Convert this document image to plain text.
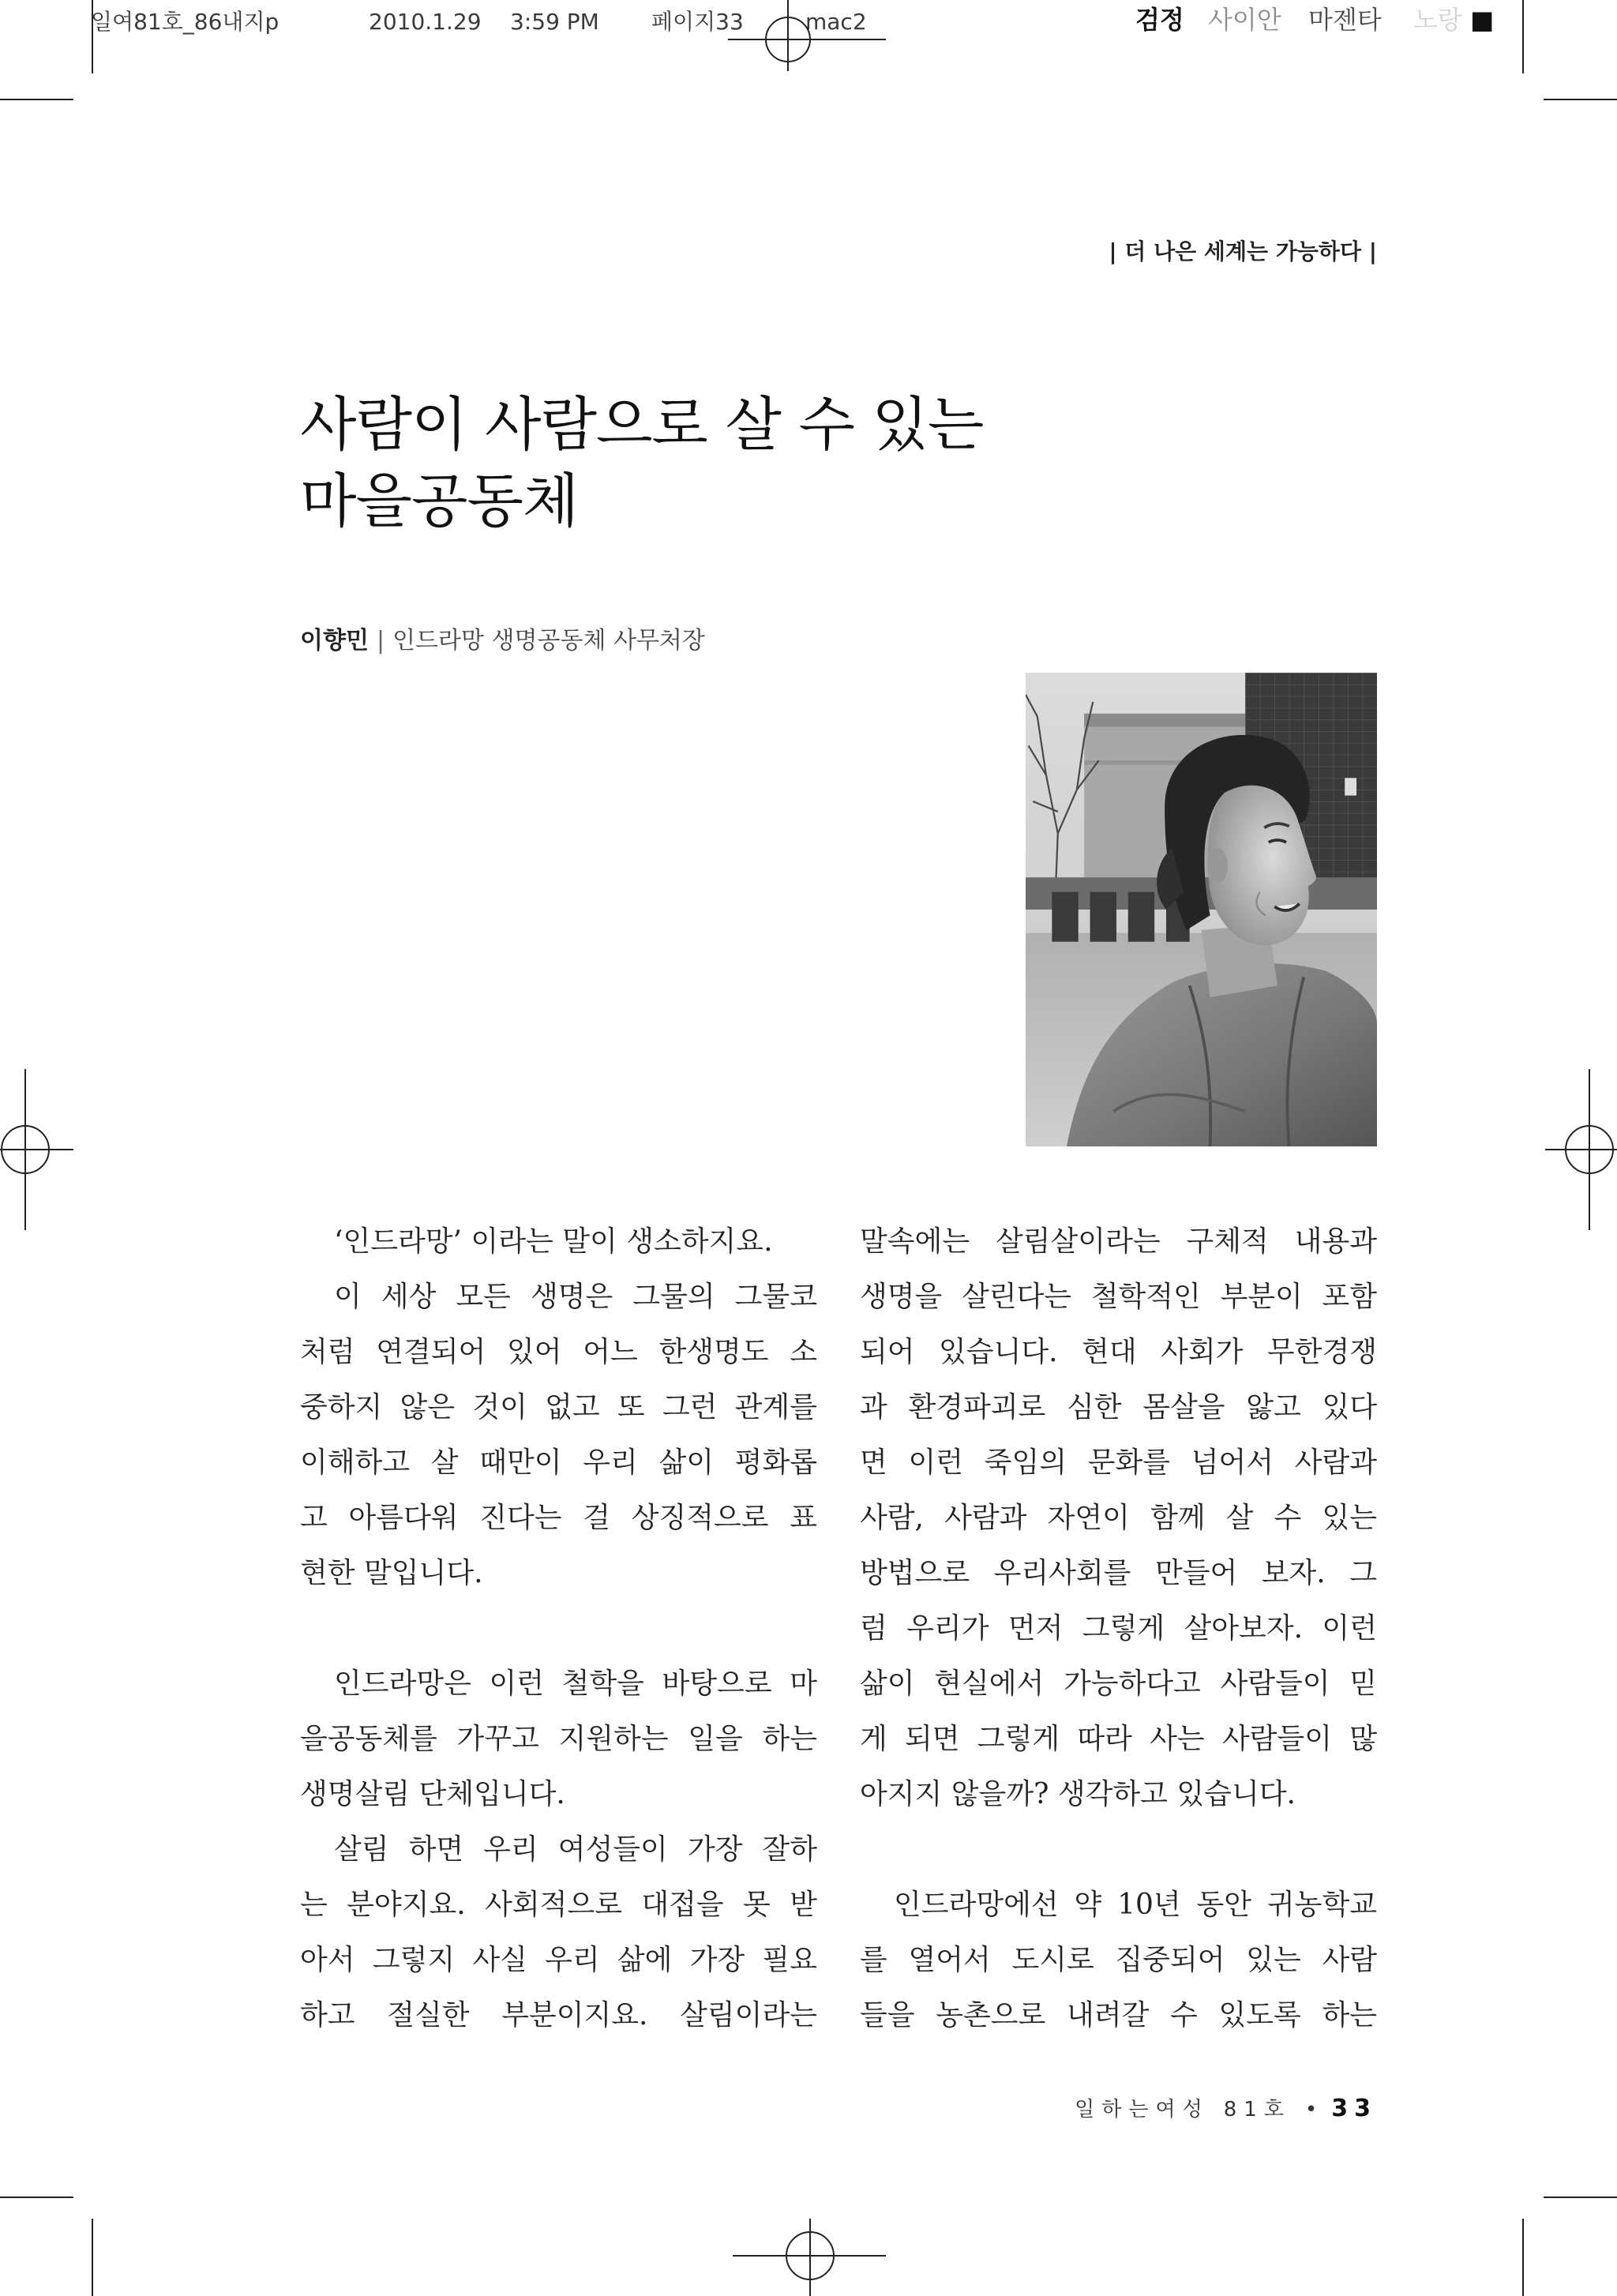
일여81호_86내지p	2010.1.29 3:59 PM 페이지33	mac2	검정 사이안 마젠타 노랑 ■
| 더 나은 세계는 가능하다 |
사람이 사람으로 살 수 있는
마을공동체
이향민 | 인드라망 생명공동체 사무처장
‘인드라망’ 이라는 말이 생소하지요.
이 세상 모든 생명은 그물의 그물코
처럼 연결되어 있어 어느 한생명도 소
중하지 않은 것이 없고 또 그런 관계를
이해하고 살 때만이 우리 삶이 평화롭
고 아름다워 진다는 걸 상징적으로 표
현한 말입니다.
인드라망은 이런 철학을 바탕으로 마
을공동체를 가꾸고 지원하는 일을 하는
생명살림 단체입니다.
살림 하면 우리 여성들이 가장 잘하
는 분야지요. 사회적으로 대접을 못 받
아서 그렇지 사실 우리 삶에 가장 필요
하고 절실한 부분이지요. 살림이라는
말속에는 살림살이라는 구체적 내용과
생명을 살린다는 철학적인 부분이 포함
되어 있습니다. 현대 사회가 무한경쟁
과 환경파괴로 심한 몸살을 앓고 있다
면 이런 죽임의 문화를 넘어서 사람과
사람, 사람과 자연이 함께 살 수 있는
방법으로 우리사회를 만들어 보자. 그
럼 우리가 먼저 그렇게 살아보자. 이런
삶이 현실에서 가능하다고 사람들이 믿
게 되면 그렇게 따라 사는 사람들이 많
아지지 않을까? 생각하고 있습니다.
인드라망에선 약 10년 동안 귀농학교
를 열어서 도시로 집중되어 있는 사람
들을 농촌으로 내려갈 수 있도록 하는
일하는여성 81호 • 33
